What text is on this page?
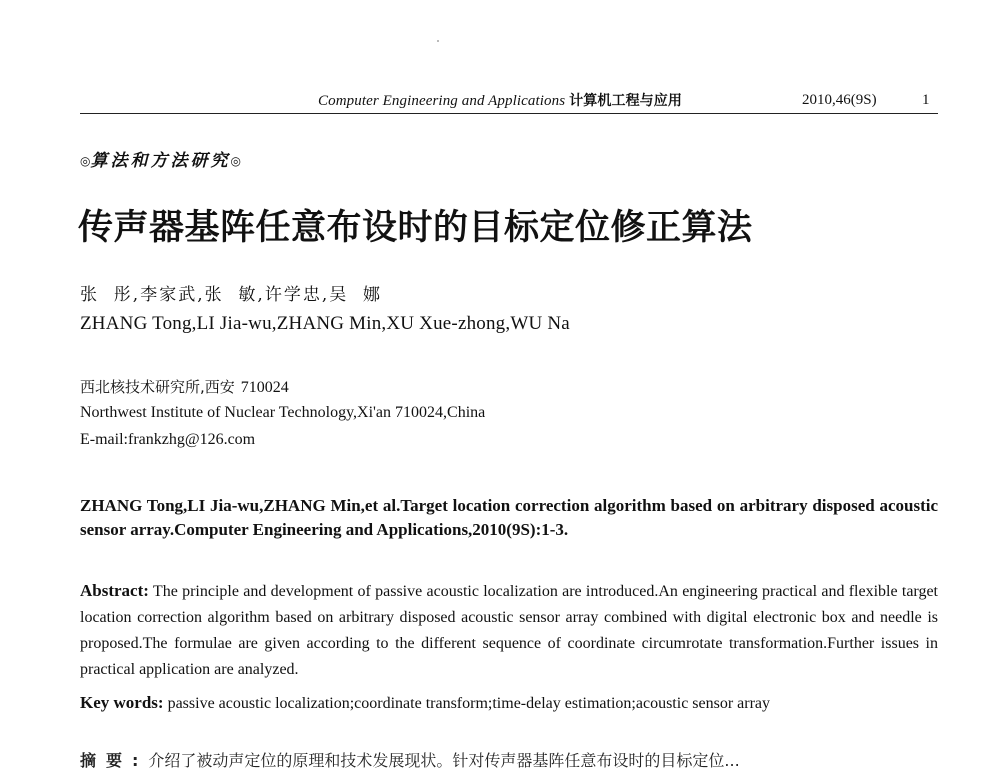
Computer Engineering and Applications 计算机工程与应用	2010,46(9S)	1
◎算法和方法研究◎
传声器基阵任意布设时的目标定位修正算法
张  彤,李家武,张  敏,许学忠,吴  娜
ZHANG Tong,LI Jia-wu,ZHANG Min,XU Xue-zhong,WU Na
西北核技术研究所,西安 710024
Northwest Institute of Nuclear Technology,Xi'an 710024,China
E-mail:frankzhg@126.com
ZHANG Tong,LI Jia-wu,ZHANG Min,et al.Target location correction algorithm based on arbitrary disposed acoustic sensor array.Computer Engineering and Applications,2010(9S):1-3.
Abstract: The principle and development of passive acoustic localization are introduced.An engineering practical and flexible target location correction algorithm based on arbitrary disposed acoustic sensor array combined with digital electronic box and needle is proposed.The formulae are given according to the different sequence of coordinate circumrotate transformation.Further issues in practical application are analyzed.
Key words: passive acoustic localization;coordinate transform;time-delay estimation;acoustic sensor array
摘要:介绍了被动声定位的原理和技术发展现状。针对传声器基阵任意布设时的目标定位...
